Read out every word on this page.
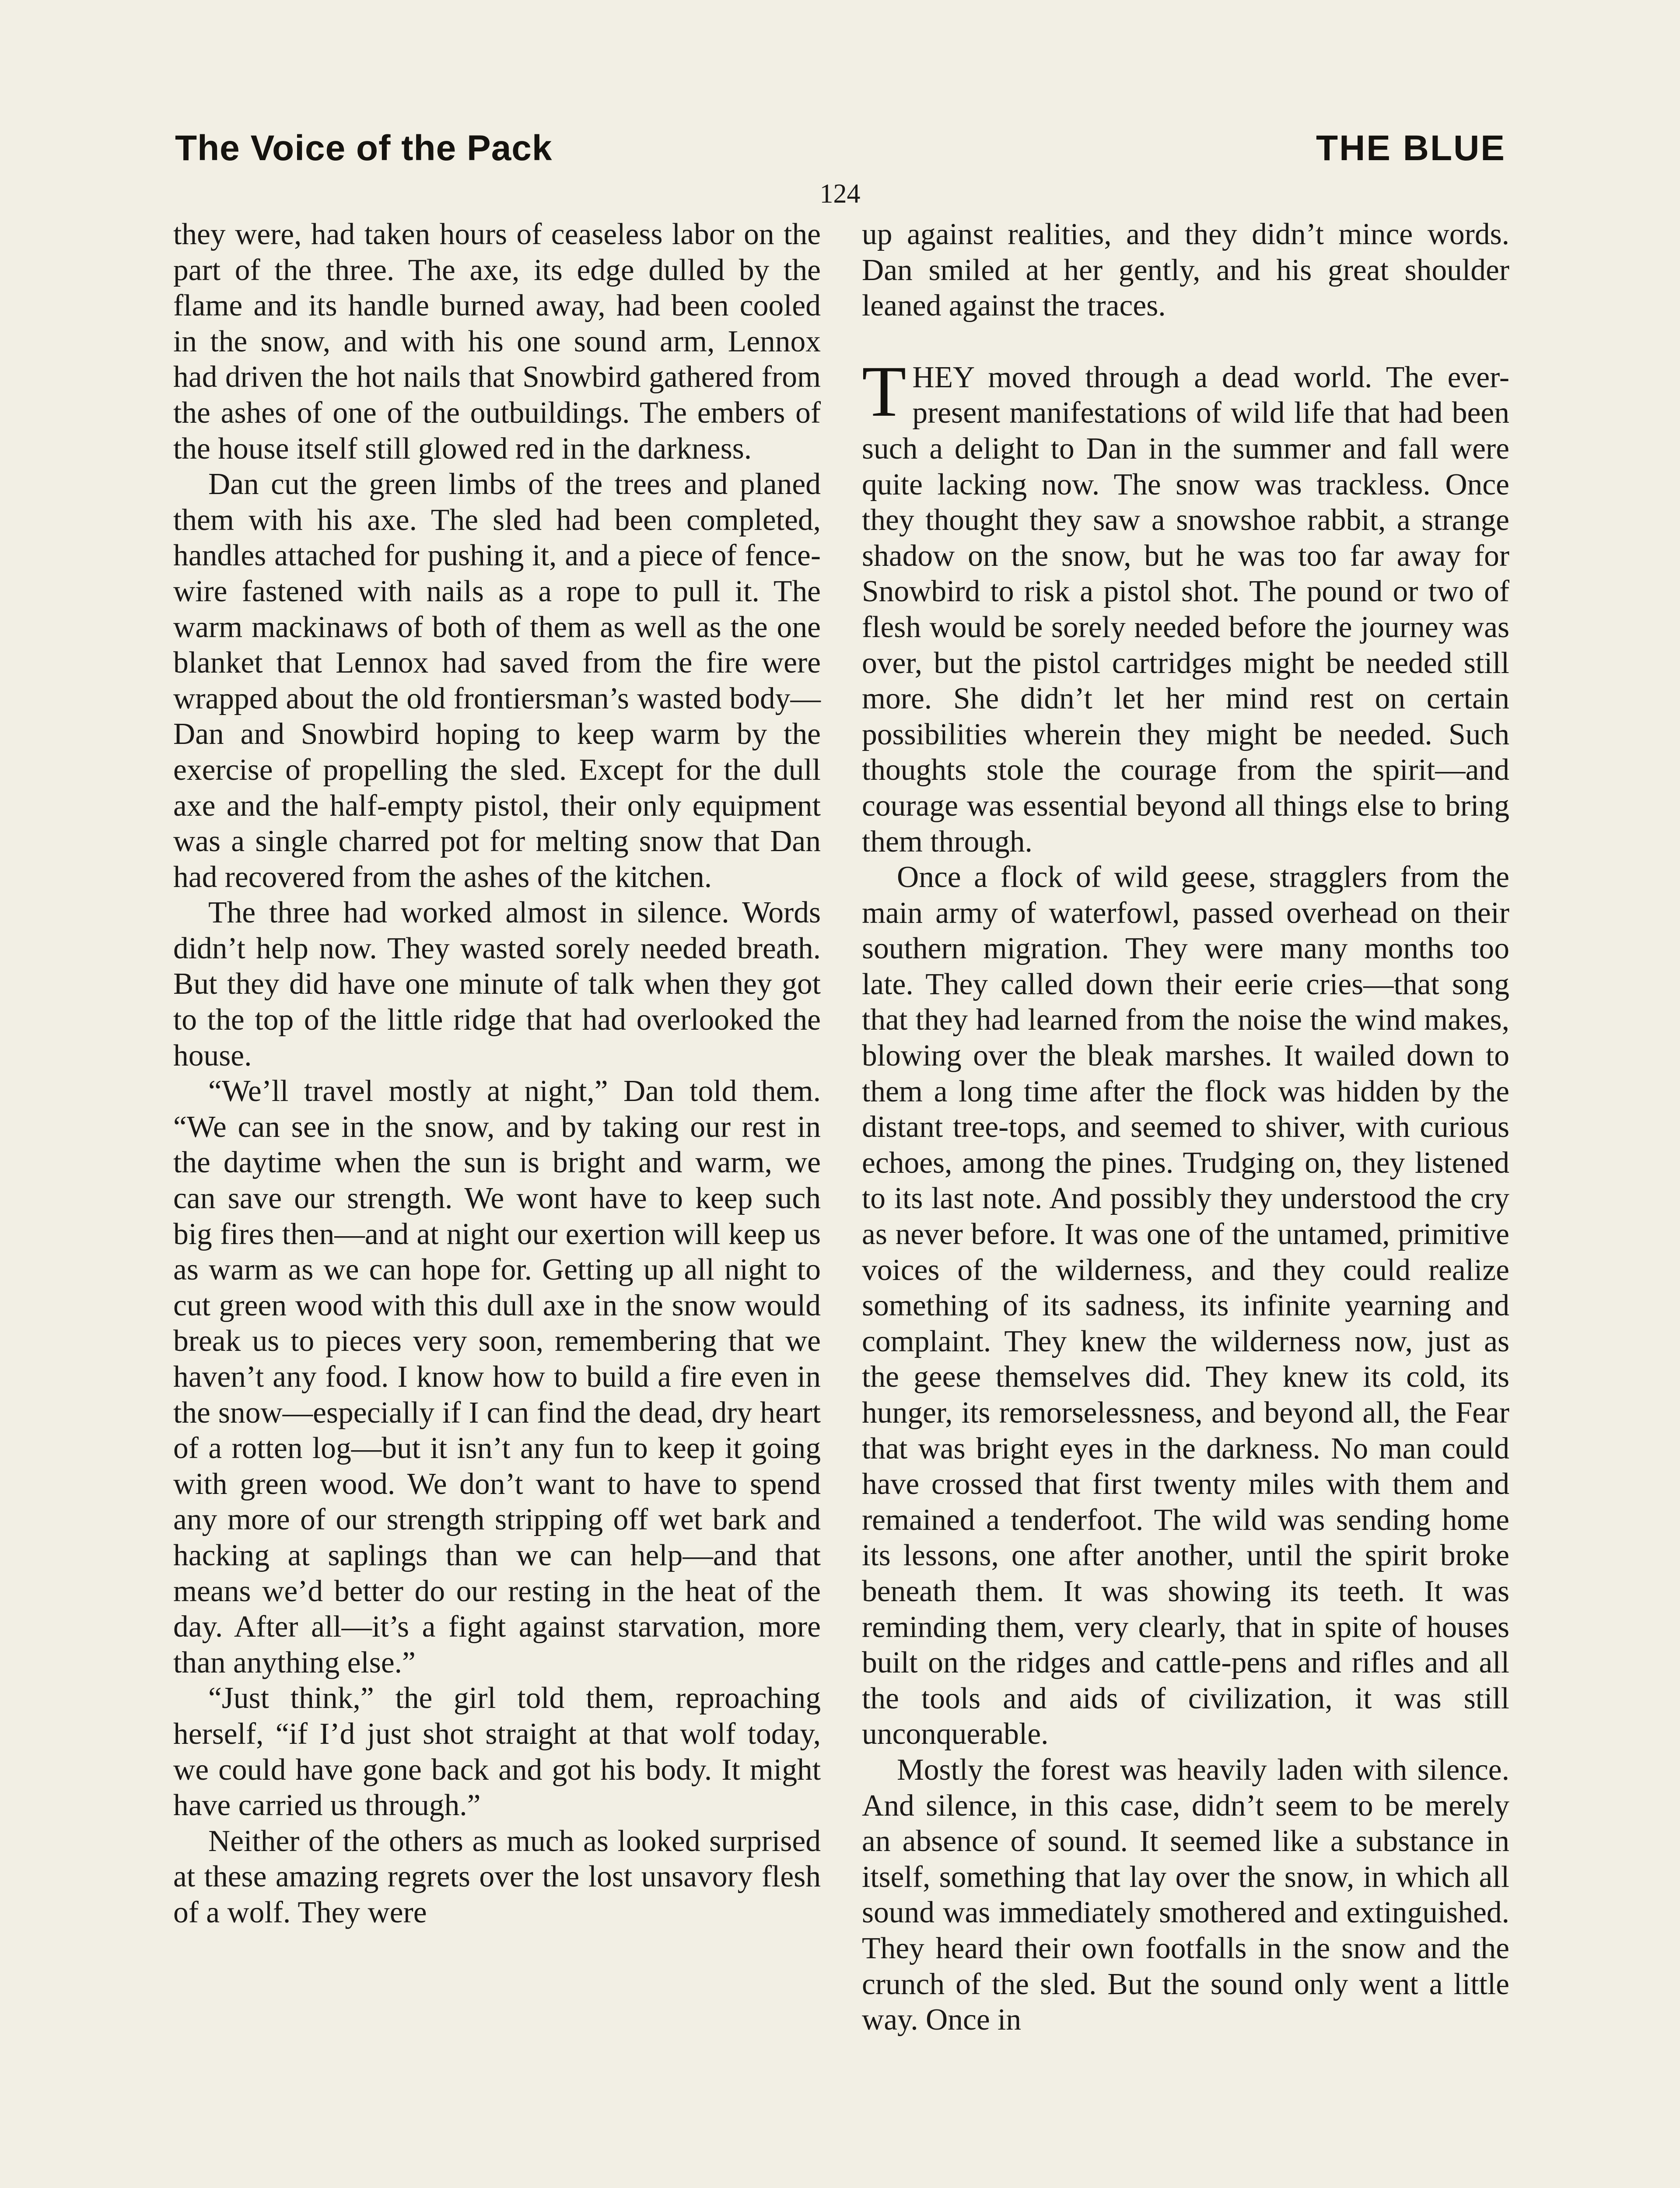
The Voice of the Pack	THE BLUE
124

they were, had taken hours of ceaseless labor on the part of the three. The axe, its edge dulled by the flame and its handle burned away, had been cooled in the snow, and with his one sound arm, Lennox had driven the hot nails that Snowbird gathered from the ashes of one of the outbuildings. The embers of the house itself still glowed red in the darkness.

Dan cut the green limbs of the trees and planed them with his axe. The sled had been completed, handles attached for pushing it, and a piece of fence-wire fastened with nails as a rope to pull it. The warm mackinaws of both of them as well as the one blanket that Lennox had saved from the fire were wrapped about the old frontiersman’s wasted body—Dan and Snowbird hoping to keep warm by the exercise of propelling the sled. Except for the dull axe and the half-empty pistol, their only equipment was a single charred pot for melting snow that Dan had recovered from the ashes of the kitchen.

The three had worked almost in silence. Words didn’t help now. They wasted sorely needed breath. But they did have one minute of talk when they got to the top of the little ridge that had overlooked the house.

“We’ll travel mostly at night,” Dan told them. “We can see in the snow, and by taking our rest in the daytime when the sun is bright and warm, we can save our strength. We wont have to keep such big fires then—and at night our exertion will keep us as warm as we can hope for. Getting up all night to cut green wood with this dull axe in the snow would break us to pieces very soon, remembering that we haven’t any food. I know how to build a fire even in the snow—especially if I can find the dead, dry heart of a rotten log—but it isn’t any fun to keep it going with green wood. We don’t want to have to spend any more of our strength stripping off wet bark and hacking at saplings than we can help—and that means we’d better do our resting in the heat of the day. After all—it’s a fight against starvation, more than anything else.”

“Just think,” the girl told them, reproaching herself, “if I’d just shot straight at that wolf today, we could have gone back and got his body. It might have carried us through.”

Neither of the others as much as looked surprised at these amazing regrets over the lost unsavory flesh of a wolf. They were

up against realities, and they didn’t mince words. Dan smiled at her gently, and his great shoulder leaned against the traces.

THEY moved through a dead world. The ever-present manifestations of wild life that had been such a delight to Dan in the summer and fall were quite lacking now. The snow was trackless. Once they thought they saw a snowshoe rabbit, a strange shadow on the snow, but he was too far away for Snowbird to risk a pistol shot. The pound or two of flesh would be sorely needed before the journey was over, but the pistol cartridges might be needed still more. She didn’t let her mind rest on certain possibilities wherein they might be needed. Such thoughts stole the courage from the spirit—and courage was essential beyond all things else to bring them through.

Once a flock of wild geese, stragglers from the main army of waterfowl, passed overhead on their southern migration. They were many months too late. They called down their eerie cries—that song that they had learned from the noise the wind makes, blowing over the bleak marshes. It wailed down to them a long time after the flock was hidden by the distant tree-tops, and seemed to shiver, with curious echoes, among the pines. Trudging on, they listened to its last note. And possibly they understood the cry as never before. It was one of the untamed, primitive voices of the wilderness, and they could realize something of its sadness, its infinite yearning and complaint. They knew the wilderness now, just as the geese themselves did. They knew its cold, its hunger, its remorselessness, and beyond all, the Fear that was bright eyes in the darkness. No man could have crossed that first twenty miles with them and remained a tenderfoot. The wild was sending home its lessons, one after another, until the spirit broke beneath them. It was showing its teeth. It was reminding them, very clearly, that in spite of houses built on the ridges and cattle-pens and rifles and all the tools and aids of civilization, it was still unconquerable.

Mostly the forest was heavily laden with silence. And silence, in this case, didn’t seem to be merely an absence of sound. It seemed like a substance in itself, something that lay over the snow, in which all sound was immediately smothered and extinguished. They heard their own footfalls in the snow and the crunch of the sled. But the sound only went a little way. Once in
